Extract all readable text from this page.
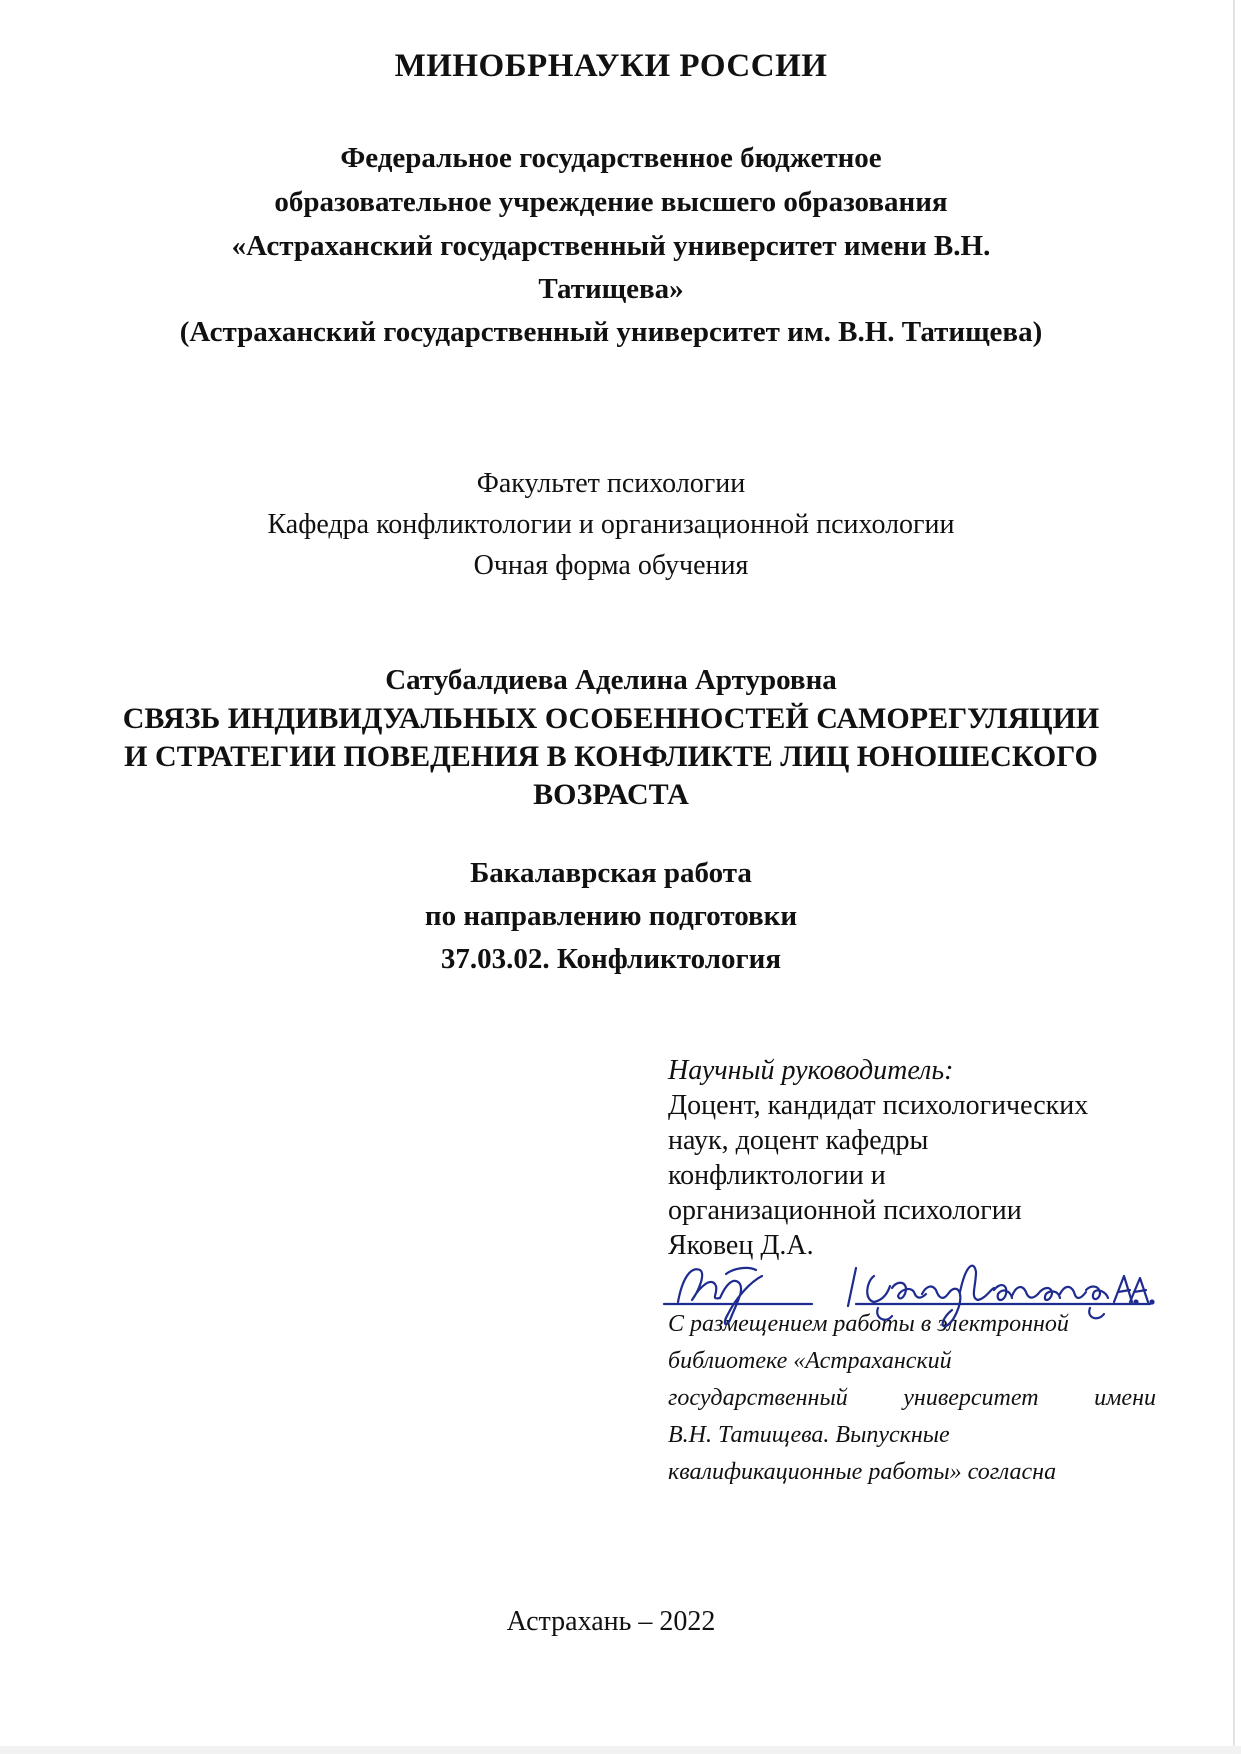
МИНОБРНАУКИ РОССИИ
Федеральное государственное бюджетное
образовательное учреждение высшего образования
«Астраханский государственный университет имени В.Н.
Татищева»
(Астраханский государственный университет им. В.Н. Татищева)
Факультет психологии
Кафедра конфликтологии и организационной психологии
Очная форма обучения
Сатубалдиева Аделина Артуровна
СВЯЗЬ ИНДИВИДУАЛЬНЫХ ОСОБЕННОСТЕЙ САМОРЕГУЛЯЦИИ
И СТРАТЕГИИ ПОВЕДЕНИЯ В КОНФЛИКТЕ ЛИЦ ЮНОШЕСКОГО
ВОЗРАСТА
Бакалаврская работа
по направлению подготовки
37.03.02. Конфликтология
Научный руководитель:
Доцент, кандидат психологических
наук, доцент кафедры
конфликтологии и
организационной психологии
Яковец Д.А.
С размещением работы в электронной
библиотеке «Астраханский
государственный университет имени
В.Н. Татищева. Выпускные
квалификационные работы» согласна
Астрахань – 2022
